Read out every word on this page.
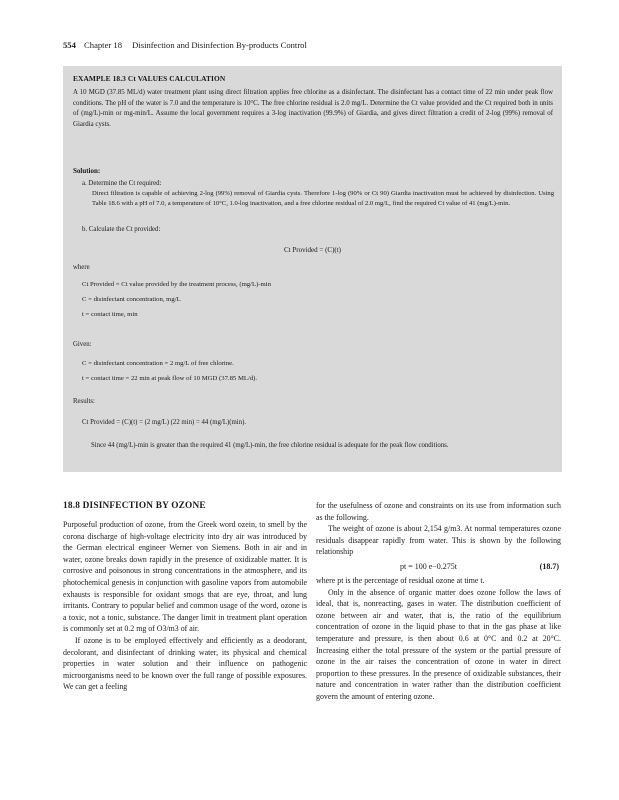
554 Chapter 18 Disinfection and Disinfection By-products Control
EXAMPLE 18.3 Ct VALUES CALCULATION

A 10 MGD (37.85 ML/d) water treatment plant using direct filtration applies free chlorine as a disinfectant. The disinfectant has a contact time of 22 min under peak flow conditions. The pH of the water is 7.0 and the temperature is 10°C. The free chlorine residual is 2.0 mg/L. Determine the Ct value provided and the Ct required both in units of (mg/L)-min or mg-min/L. Assume the local government requires a 3-log inactivation (99.9%) of Giardia, and gives direct filtration a credit of 2-log (99%) removal of Giardia cysts.

Solution:
a. Determine the Ct required:

Direct filtration is capable of achieving 2-log (99%) removal of Giardia cysts. Therefore 1-log (90% or Ct 90) Giardia inactivation must be achieved by disinfection. Using Table 18.6 with a pH of 7.0, a temperature of 10°C, 1.0-log inactivation, and a free chlorine residual of 2.0 mg/L, find the required Ct value of 41 (mg/L)-min.

b. Calculate the Ct provided:
Ct Provided = (C)(t)
where
Ct Provided = Ct value provided by the treatment process, (mg/L)-min
C = disinfectant concentration, mg/L
t = contact time, min
Given:
C = disinfectant concentration = 2 mg/L of free chlorine.
t = contact time = 22 min at peak flow of 10 MGD (37.85 ML/d).
Results:
Ct Provided = (C)(t) = (2 mg/L) (22 min) = 44 (mg/L)(min).

Since 44 (mg/L)-min is greater than the required 41 (mg/L)-min, the free chlorine residual is adequate for the peak flow conditions.

18.8 DISINFECTION BY OZONE

Purposeful production of ozone, from the Greek word ozein, to smell by the corona discharge of high-voltage electricity into dry air was introduced by the German electrical engineer Werner von Siemens. Both in air and in water, ozone breaks down rapidly in the presence of oxidizable matter. It is corrosive and poisonous in strong concentrations in the atmosphere, and its photochemical genesis in conjunction with gasoline vapors from automobile exhausts is responsible for oxidant smogs that are eye, throat, and lung irritants. Contrary to popular belief and common usage of the word, ozone is a toxic, not a tonic, substance. The danger limit in treatment plant operation is commonly set at 0.2 mg of O3/m3 of air.

If ozone is to be employed effectively and efficiently as a deodorant, decolorant, and disinfectant of drinking water, its physical and chemical properties in water solution and their influence on pathogenic microorganisms need to be known over the full range of possible exposures. We can get a feeling

for the usefulness of ozone and constraints on its use from information such as the following.

The weight of ozone is about 2,154 g/m3. At normal temperatures ozone residuals disappear rapidly from water. This is shown by the following relationship

pt = 100 e−0.275t	(18.7)

where pt is the percentage of residual ozone at time t.

Only in the absence of organic matter does ozone follow the laws of ideal, that is, nonreacting, gases in water. The distribution coefficient of ozone between air and water, that is, the ratio of the equilibrium concentration of ozone in the liquid phase to that in the gas phase at like temperature and pressure, is then about 0.6 at 0°C and 0.2 at 20°C. Increasing either the total pressure of the system or the partial pressure of ozone in the air raises the concentration of ozone in water in direct proportion to these pressures. In the presence of oxidizable substances, their nature and concentration in water rather than the distribution coefficient govern the amount of entering ozone.
